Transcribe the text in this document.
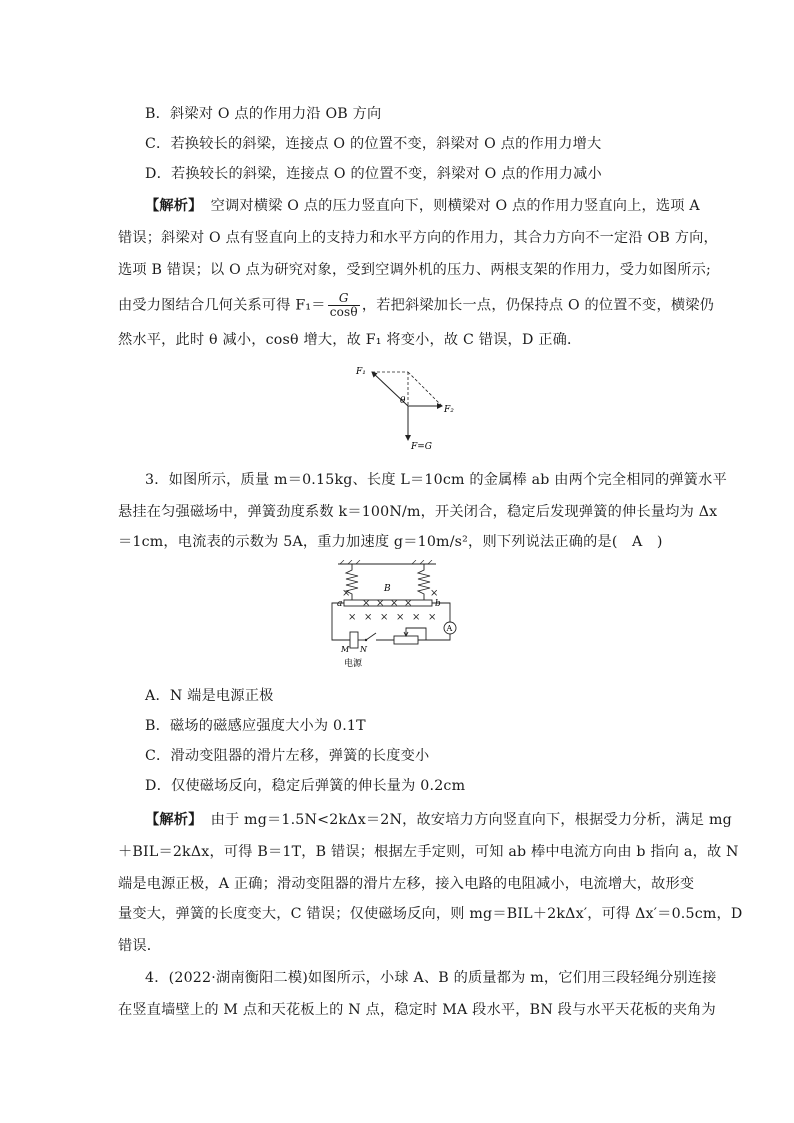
B．斜梁对 O 点的作用力沿 OB 方向
C．若换较长的斜梁，连接点 O 的位置不变，斜梁对 O 点的作用力增大
D．若换较长的斜梁，连接点 O 的位置不变，斜梁对 O 点的作用力减小
【解析】 空调对横梁 O 点的压力竖直向下，则横梁对 O 点的作用力竖直向上，选项 A
错误；斜梁对 O 点有竖直向上的支持力和水平方向的作用力，其合力方向不一定沿 OB 方向，
选项 B 错误；以 O 点为研究对象，受到空调外机的压力、两根支架的作用力，受力如图所示;
由受力图结合几何关系可得 $F_1= \frac{G}{\cos\theta}$ ，若把斜梁加长一点，仍保持点 O 的位置不变，横梁仍
然水平，此时 θ 减小，cosθ 增大，故 F₁ 将变小，故 C 错误，D 正确．
F₁
F₂
θ
F=G
3．如图所示，质量 m＝0.15kg、长度 L＝10cm 的金属棒 ab 由两个完全相同的弹簧水平
悬挂在匀强磁场中，弹簧劲度系数 k＝100N/m，开关闭合，稳定后发现弹簧的伸长量均为 Δx
＝1cm，电流表的示数为 5A，重力加速度 g＝10m/s²，则下列说法正确的是(　A　)
B
a	b
×
× × × ×
×
× × × × × ×
A
M N
电源
A．N 端是电源正极
B．磁场的磁感应强度大小为 0.1T
C．滑动变阻器的滑片左移，弹簧的长度变小
D．仅使磁场反向，稳定后弹簧的伸长量为 0.2cm
【解析】 由于 mg＝1.5N<2kΔx＝2N，故安培力方向竖直向下，根据受力分析，满足 mg
＋BIL＝2kΔx，可得 B＝1T，B 错误；根据左手定则，可知 ab 棒中电流方向由 b 指向 a，故 N
端是电源正极，A 正确；滑动变阻器的滑片左移，接入电路的电阻减小，电流增大，故形变
量变大，弹簧的长度变大，C 错误；仅使磁场反向，则 mg＝BIL＋2kΔx′，可得 Δx′＝0.5cm，D
错误．
4．(2022·湖南衡阳二模)如图所示，小球 A、B 的质量都为 m，它们用三段轻绳分别连接
在竖直墙壁上的 M 点和天花板上的 N 点，稳定时 MA 段水平，BN 段与水平天花板的夹角为
